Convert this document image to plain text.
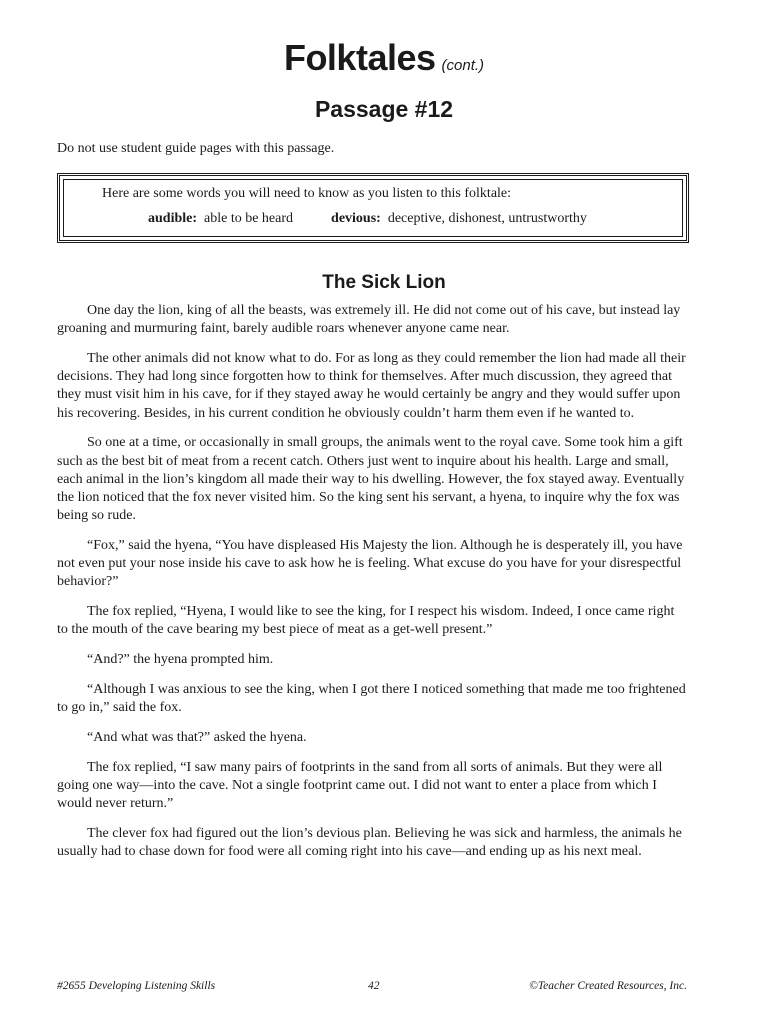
Folktales (cont.)
Passage #12
Do not use student guide pages with this passage.
Here are some words you will need to know as you listen to this folktale:
audible: able to be heard	devious: deceptive, dishonest, untrustworthy
The Sick Lion

One day the lion, king of all the beasts, was extremely ill. He did not come out of his cave, but instead lay groaning and murmuring faint, barely audible roars whenever anyone came near.

The other animals did not know what to do. For as long as they could remember the lion had made all their decisions. They had long since forgotten how to think for themselves. After much discussion, they agreed that they must visit him in his cave, for if they stayed away he would certainly be angry and they would suffer upon his recovering. Besides, in his current condition he obviously couldn’t harm them even if he wanted to.

So one at a time, or occasionally in small groups, the animals went to the royal cave. Some took him a gift such as the best bit of meat from a recent catch. Others just went to inquire about his health. Large and small, each animal in the lion’s kingdom all made their way to his dwelling. However, the fox stayed away. Eventually the lion noticed that the fox never visited him. So the king sent his servant, a hyena, to inquire why the fox was being so rude.

“Fox,” said the hyena, “You have displeased His Majesty the lion. Although he is desperately ill, you have not even put your nose inside his cave to ask how he is feeling. What excuse do you have for your disrespectful behavior?”

The fox replied, “Hyena, I would like to see the king, for I respect his wisdom. Indeed, I once came right to the mouth of the cave bearing my best piece of meat as a get-well present.”

“And?” the hyena prompted him.

“Although I was anxious to see the king, when I got there I noticed something that made me too frightened to go in,” said the fox.

“And what was that?” asked the hyena.

The fox replied, “I saw many pairs of footprints in the sand from all sorts of animals. But they were all going one way—into the cave. Not a single footprint came out. I did not want to enter a place from which I would never return.”

The clever fox had figured out the lion’s devious plan. Believing he was sick and harmless, the animals he usually had to chase down for food were all coming right into his cave—and ending up as his next meal.

#2655 Developing Listening Skills	42	©Teacher Created Resources, Inc.
